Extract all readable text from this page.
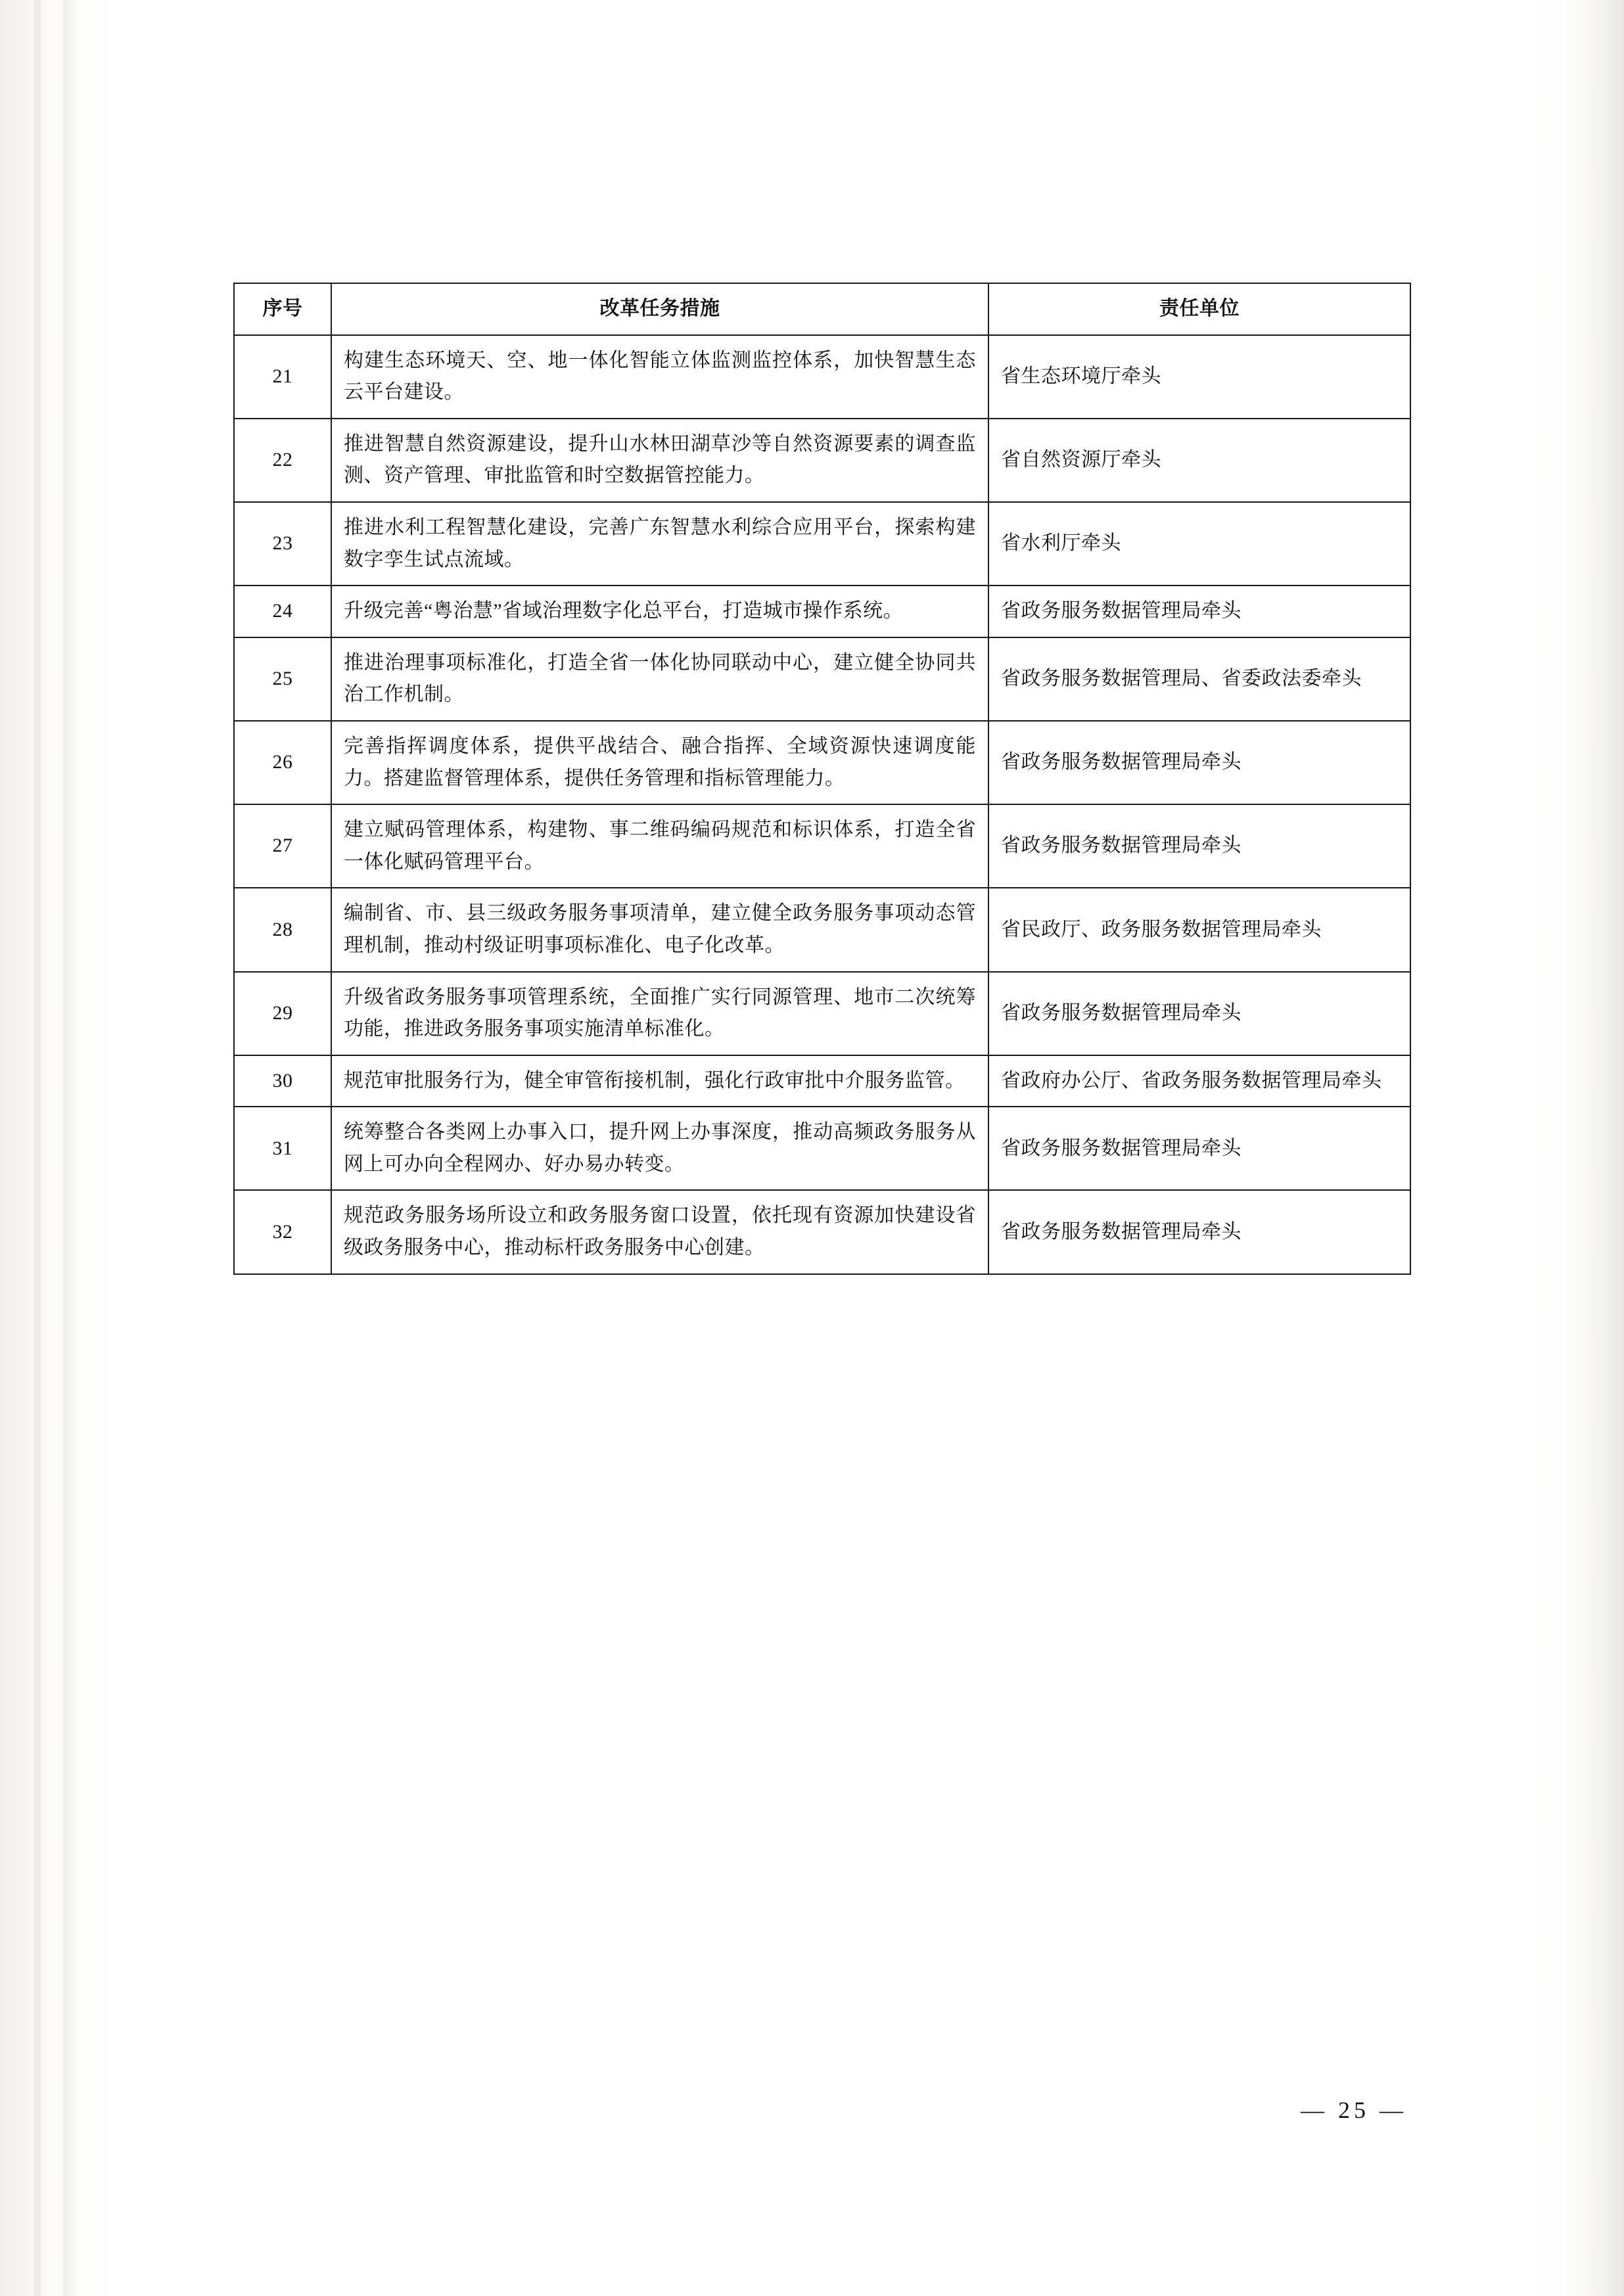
序号	改革任务措施	责任单位
21	构建生态环境天、空、地一体化智能立体监测监控体系，加快智慧生态云平台建设。	省生态环境厅牵头
22	推进智慧自然资源建设，提升山水林田湖草沙等自然资源要素的调查监测、资产管理、审批监管和时空数据管控能力。	省自然资源厅牵头
23	推进水利工程智慧化建设，完善广东智慧水利综合应用平台，探索构建数字孪生试点流域。	省水利厅牵头
24	升级完善“粤治慧”省域治理数字化总平台，打造城市操作系统。	省政务服务数据管理局牵头
25	推进治理事项标准化，打造全省一体化协同联动中心，建立健全协同共治工作机制。	省政务服务数据管理局、省委政法委牵头
26	完善指挥调度体系，提供平战结合、融合指挥、全域资源快速调度能力。搭建监督管理体系，提供任务管理和指标管理能力。	省政务服务数据管理局牵头
27	建立赋码管理体系，构建物、事二维码编码规范和标识体系，打造全省一体化赋码管理平台。	省政务服务数据管理局牵头
28	编制省、市、县三级政务服务事项清单，建立健全政务服务事项动态管理机制，推动村级证明事项标准化、电子化改革。	省民政厅、政务服务数据管理局牵头
29	升级省政务服务事项管理系统，全面推广实行同源管理、地市二次统筹功能，推进政务服务事项实施清单标准化。	省政务服务数据管理局牵头
30	规范审批服务行为，健全审管衔接机制，强化行政审批中介服务监管。	省政府办公厅、省政务服务数据管理局牵头
31	统筹整合各类网上办事入口，提升网上办事深度，推动高频政务服务从网上可办向全程网办、好办易办转变。	省政务服务数据管理局牵头
32	规范政务服务场所设立和政务服务窗口设置，依托现有资源加快建设省级政务服务中心，推动标杆政务服务中心创建。	省政务服务数据管理局牵头
— 25 —
